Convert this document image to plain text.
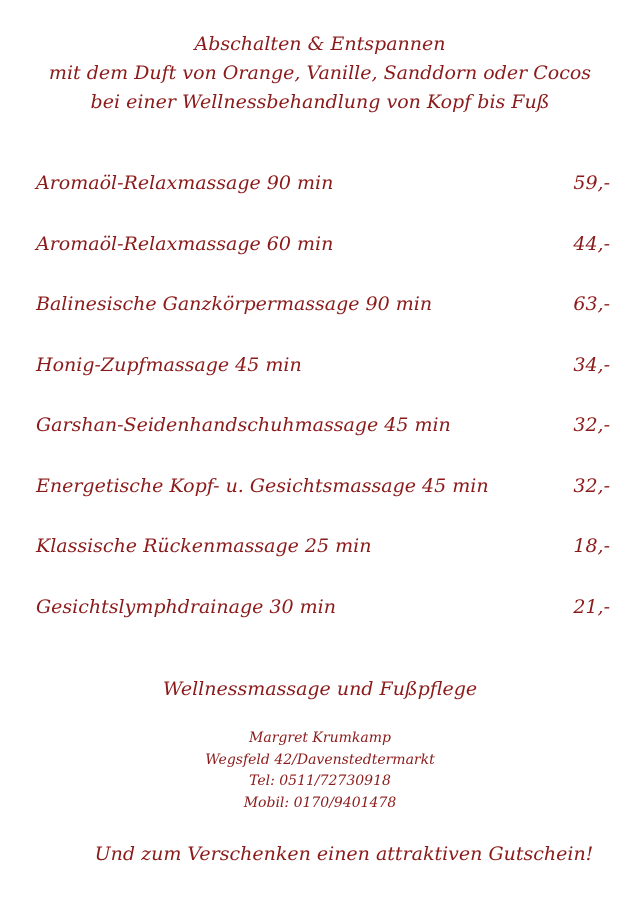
Abschalten & Entspannen
mit dem Duft von Orange, Vanille, Sanddorn oder Cocos
bei einer Wellnessbehandlung von Kopf bis Fuß
Aromaöl-Relaxmassage 90 min	59,-
Aromaöl-Relaxmassage 60 min	44,-
Balinesische Ganzkörpermassage 90 min	63,-
Honig-Zupfmassage 45 min	34,-
Garshan-Seidenhandschuhmassage 45 min	32,-
Energetische Kopf- u. Gesichtsmassage 45 min	32,-
Klassische Rückenmassage 25 min	18,-
Gesichtslymphdrainage 30 min	21,-
Wellnessmassage und Fußpflege
Margret Krumkamp
Wegsfeld 42/Davenstedtermarkt
Tel: 0511/72730918
Mobil: 0170/9401478
Und zum Verschenken einen attraktiven Gutschein!
